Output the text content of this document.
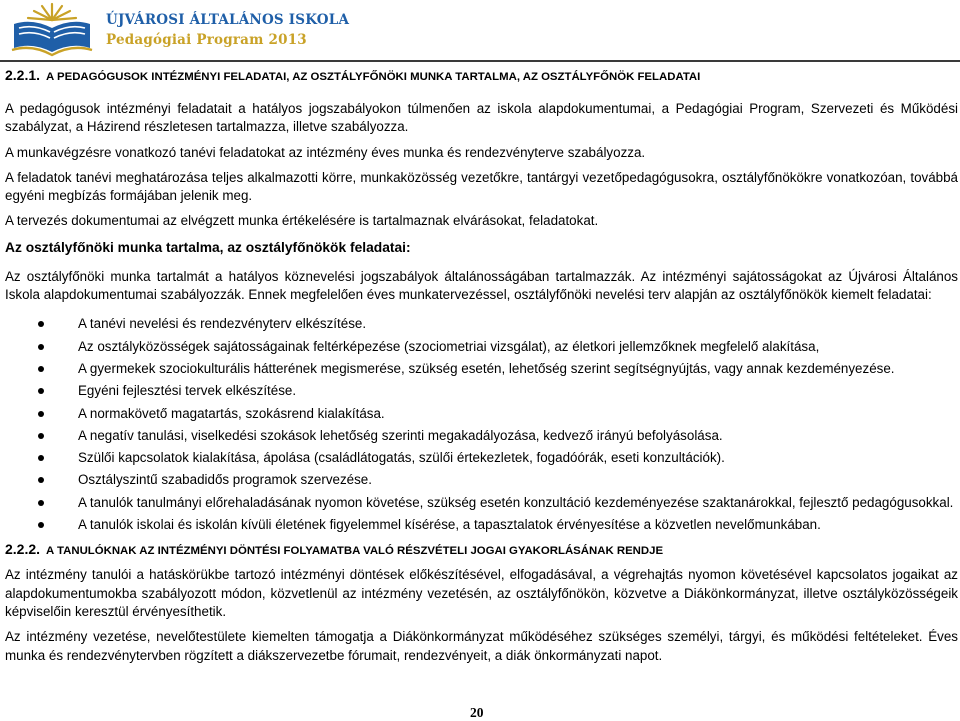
ÚJVÁROSI ÁLTALÁNOS ISKOLA
Pedagógiai Program 2013
2.2.1. A PEDAGÓGUSOK INTÉZMÉNYI FELADATAI, AZ OSZTÁLYFŐNÖKI MUNKA TARTALMA, AZ OSZTÁLYFŐNÖK FELADATAI

A pedagógusok intézményi feladatait a hatályos jogszabályokon túlmenően az iskola alapdokumentumai, a Pedagógiai Program, Szervezeti és Működési szabályzat, a Házirend részletesen tartalmazza, illetve szabályozza.

A munkavégzésre vonatkozó tanévi feladatokat az intézmény éves munka és rendezvényterve szabályozza.

A feladatok tanévi meghatározása teljes alkalmazotti körre, munkaközösség vezetőkre, tantárgyi vezetőpedagógusokra, osztályfőnökökre vonatkozóan, továbbá egyéni megbízás formájában jelenik meg.

A tervezés dokumentumai az elvégzett munka értékelésére is tartalmaznak elvárásokat, feladatokat.

Az osztályfőnöki munka tartalma, az osztályfőnökök feladatai:

Az osztályfőnöki munka tartalmát a hatályos köznevelési jogszabályok általánosságában tartalmazzák. Az intézményi sajátosságokat az Újvárosi Általános Iskola alapdokumentumai szabályozzák. Ennek megfelelően éves munkatervezéssel, osztályfőnöki nevelési terv alapján az osztályfőnökök kiemelt feladatai:

A tanévi nevelési és rendezvényterv elkészítése.
Az osztályközösségek sajátosságainak feltérképezése (szociometriai vizsgálat), az életkori jellemzőknek megfelelő alakítása,
A gyermekek szociokulturális hátterének megismerése, szükség esetén, lehetőség szerint segítségnyújtás, vagy annak kezdeményezése.
Egyéni fejlesztési tervek elkészítése.
A normakövető magatartás, szokásrend kialakítása.
A negatív tanulási, viselkedési szokások lehetőség szerinti megakadályozása, kedvező irányú befolyásolása.
Szülői kapcsolatok kialakítása, ápolása (családlátogatás, szülői értekezletek, fogadóórák, eseti konzultációk).
Osztályszintű szabadidős programok szervezése.
A tanulók tanulmányi előrehaladásának nyomon követése, szükség esetén konzultáció kezdeményezése szaktanárokkal, fejlesztő pedagógusokkal.
A tanulók iskolai és iskolán kívüli életének figyelemmel kísérése, a tapasztalatok érvényesítése a közvetlen nevelőmunkában.
2.2.2. A TANULÓKNAK AZ INTÉZMÉNYI DÖNTÉSI FOLYAMATBA VALÓ RÉSZVÉTELI JOGAI GYAKORLÁSÁNAK RENDJE

Az intézmény tanulói a hatáskörükbe tartozó intézményi döntések előkészítésével, elfogadásával, a végrehajtás nyomon követésével kapcsolatos jogaikat az alapdokumentumokba szabályozott módon, közvetlenül az intézmény vezetésén, az osztályfőnökön, közvetve a Diákönkormányzat, illetve osztályközösségeik képviselőin keresztül érvényesíthetik.

Az intézmény vezetése, nevelőtestülete kiemelten támogatja a Diákönkormányzat működéséhez szükséges személyi, tárgyi, és működési feltételeket. Éves munka és rendezvénytervben rögzített a diákszervezetbe fórumait, rendezvényeit, a diák önkormányzati napot.

20
